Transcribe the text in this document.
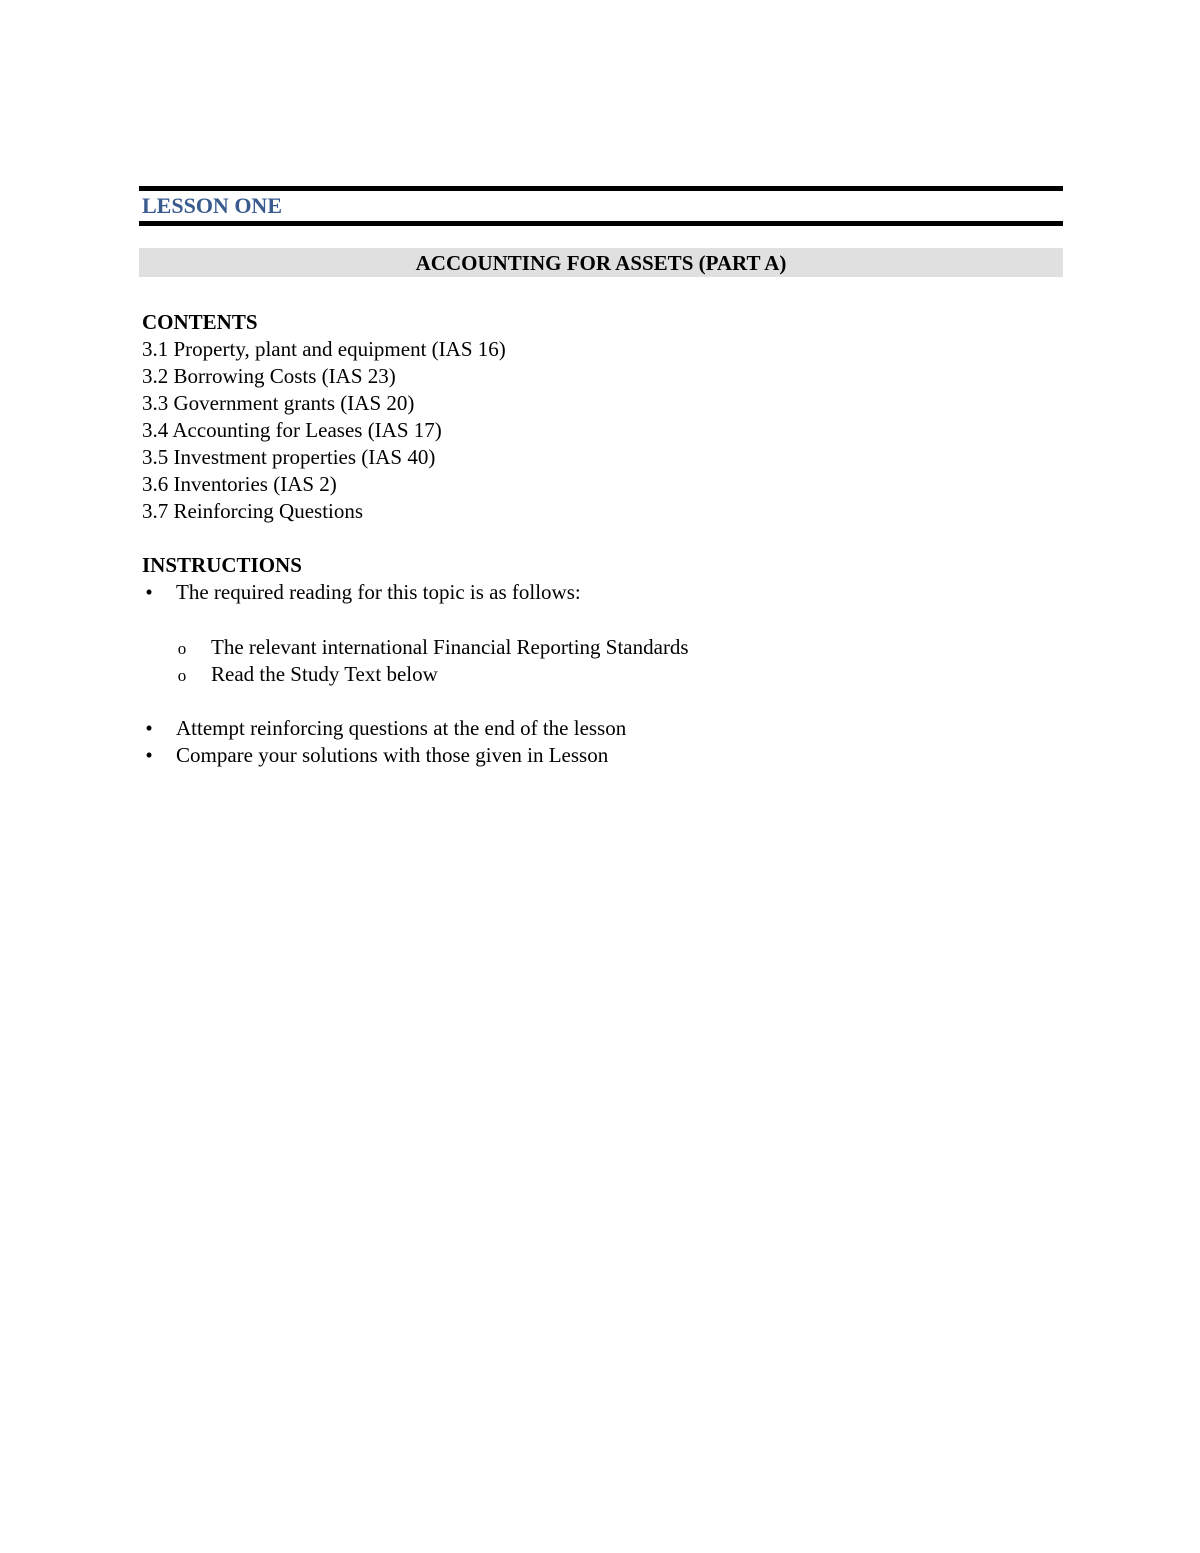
LESSON ONE
ACCOUNTING FOR ASSETS (PART A)
CONTENTS
3.1 Property, plant and equipment (IAS 16)
3.2 Borrowing Costs (IAS 23)
3.3 Government grants (IAS 20)
3.4 Accounting for Leases (IAS 17)
3.5 Investment properties (IAS 40)
3.6 Inventories (IAS 2)
3.7 Reinforcing Questions
INSTRUCTIONS
• The required reading for this topic is as follows:
o The relevant international Financial Reporting Standards
o Read the Study Text below
• Attempt reinforcing questions at the end of the lesson
• Compare your solutions with those given in Lesson
